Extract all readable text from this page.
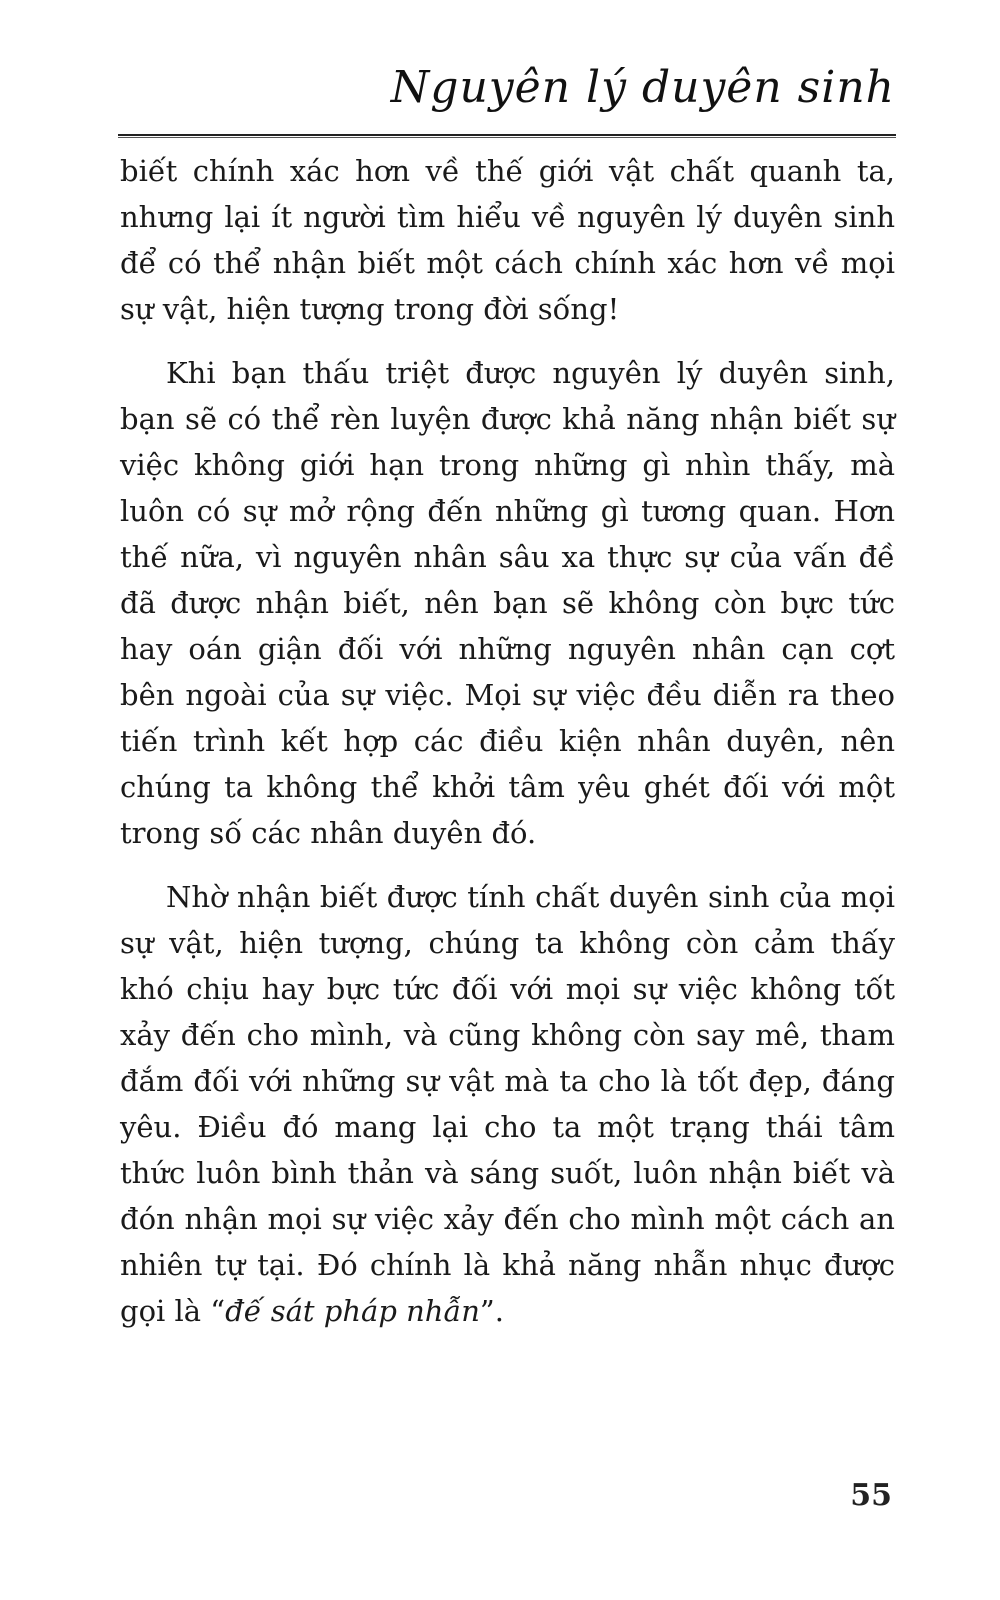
Nguyên lý duyên sinh

biết chính xác hơn về thế giới vật chất quanh ta, nhưng lại ít người tìm hiểu về nguyên lý duyên sinh để có thể nhận biết một cách chính xác hơn về mọi sự vật, hiện tượng trong đời sống!

Khi bạn thấu triệt được nguyên lý duyên sinh, bạn sẽ có thể rèn luyện được khả năng nhận biết sự việc không giới hạn trong những gì nhìn thấy, mà luôn có sự mở rộng đến những gì tương quan. Hơn thế nữa, vì nguyên nhân sâu xa thực sự của vấn đề đã được nhận biết, nên bạn sẽ không còn bực tức hay oán giận đối với những nguyên nhân cạn cợt bên ngoài của sự việc. Mọi sự việc đều diễn ra theo tiến trình kết hợp các điều kiện nhân duyên, nên chúng ta không thể khởi tâm yêu ghét đối với một trong số các nhân duyên đó.

Nhờ nhận biết được tính chất duyên sinh của mọi sự vật, hiện tượng, chúng ta không còn cảm thấy khó chịu hay bực tức đối với mọi sự việc không tốt xảy đến cho mình, và cũng không còn say mê, tham đắm đối với những sự vật mà ta cho là tốt đẹp, đáng yêu. Điều đó mang lại cho ta một trạng thái tâm thức luôn bình thản và sáng suốt, luôn nhận biết và đón nhận mọi sự việc xảy đến cho mình một cách an nhiên tự tại. Đó chính là khả năng nhẫn nhục được gọi là “đế sát pháp nhẫn”.

55
